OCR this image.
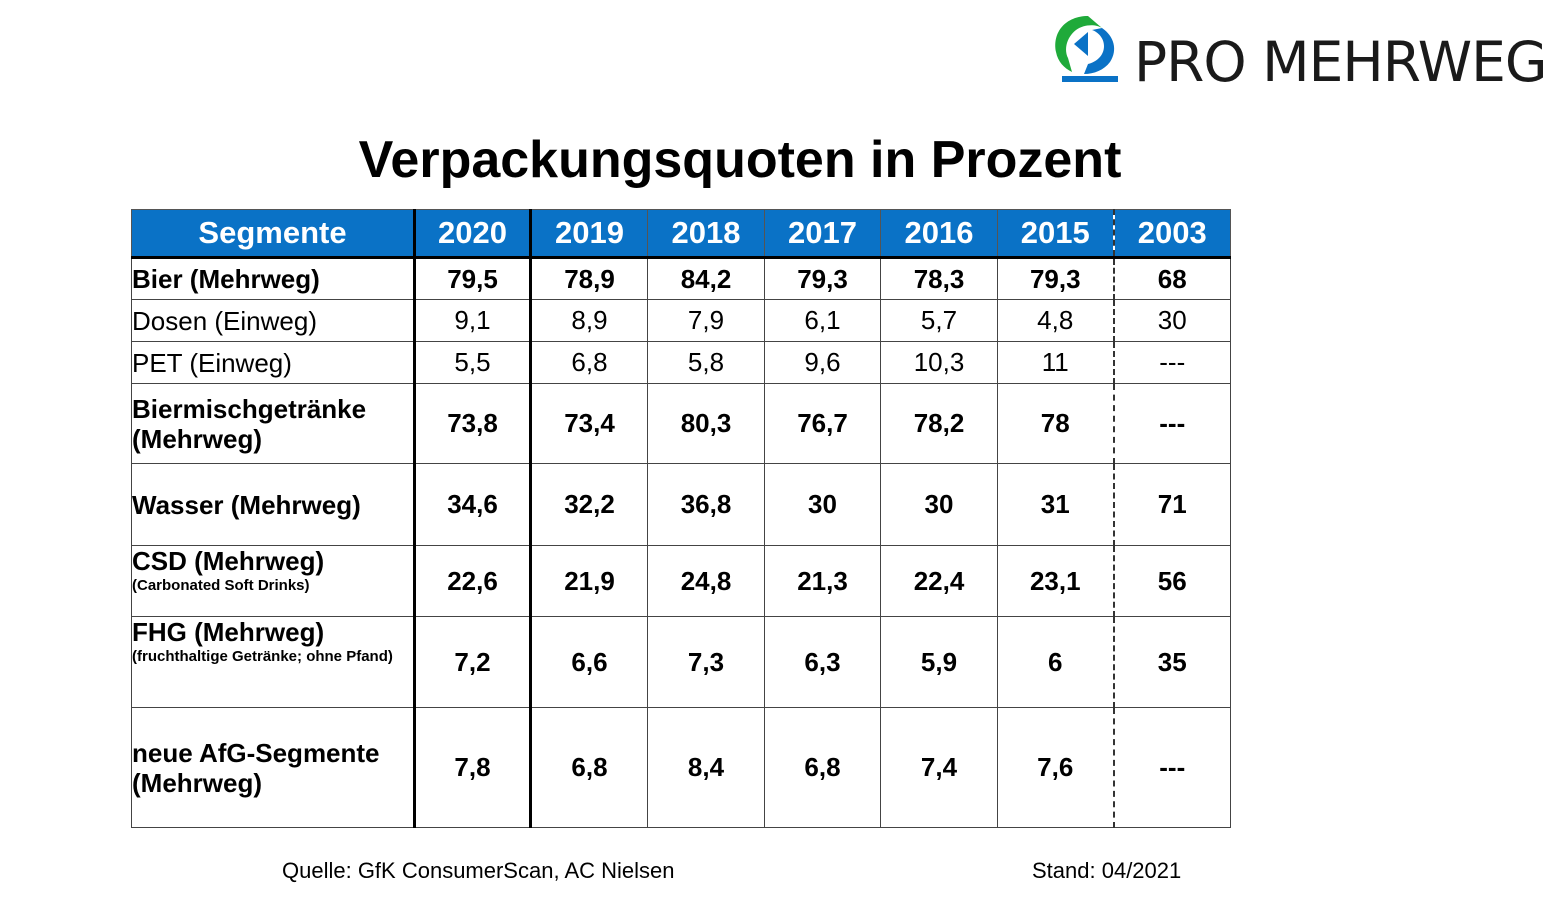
PRO MEHRWEG
Verpackungsquoten in Prozent
Segmente	2020	2019	2018	2017	2016	2015	2003
Bier (Mehrweg)	79,5	78,9	84,2	79,3	78,3	79,3	68
Dosen (Einweg)	9,1	8,9	7,9	6,1	5,7	4,8	30
PET (Einweg)	5,5	6,8	5,8	9,6	10,3	11	---
Biermischgetränke (Mehrweg)	73,8	73,4	80,3	76,7	78,2	78	---
Wasser (Mehrweg)	34,6	32,2	36,8	30	30	31	71
CSD (Mehrweg)
(Carbonated Soft Drinks)	22,6	21,9	24,8	21,3	22,4	23,1	56
FHG (Mehrweg)
(fruchthaltige Getränke; ohne Pfand)	7,2	6,6	7,3	6,3	5,9	6	35
neue AfG-Segmente (Mehrweg)	7,8	6,8	8,4	6,8	7,4	7,6	---
Quelle: GfK ConsumerScan, AC Nielsen	Stand: 04/2021
